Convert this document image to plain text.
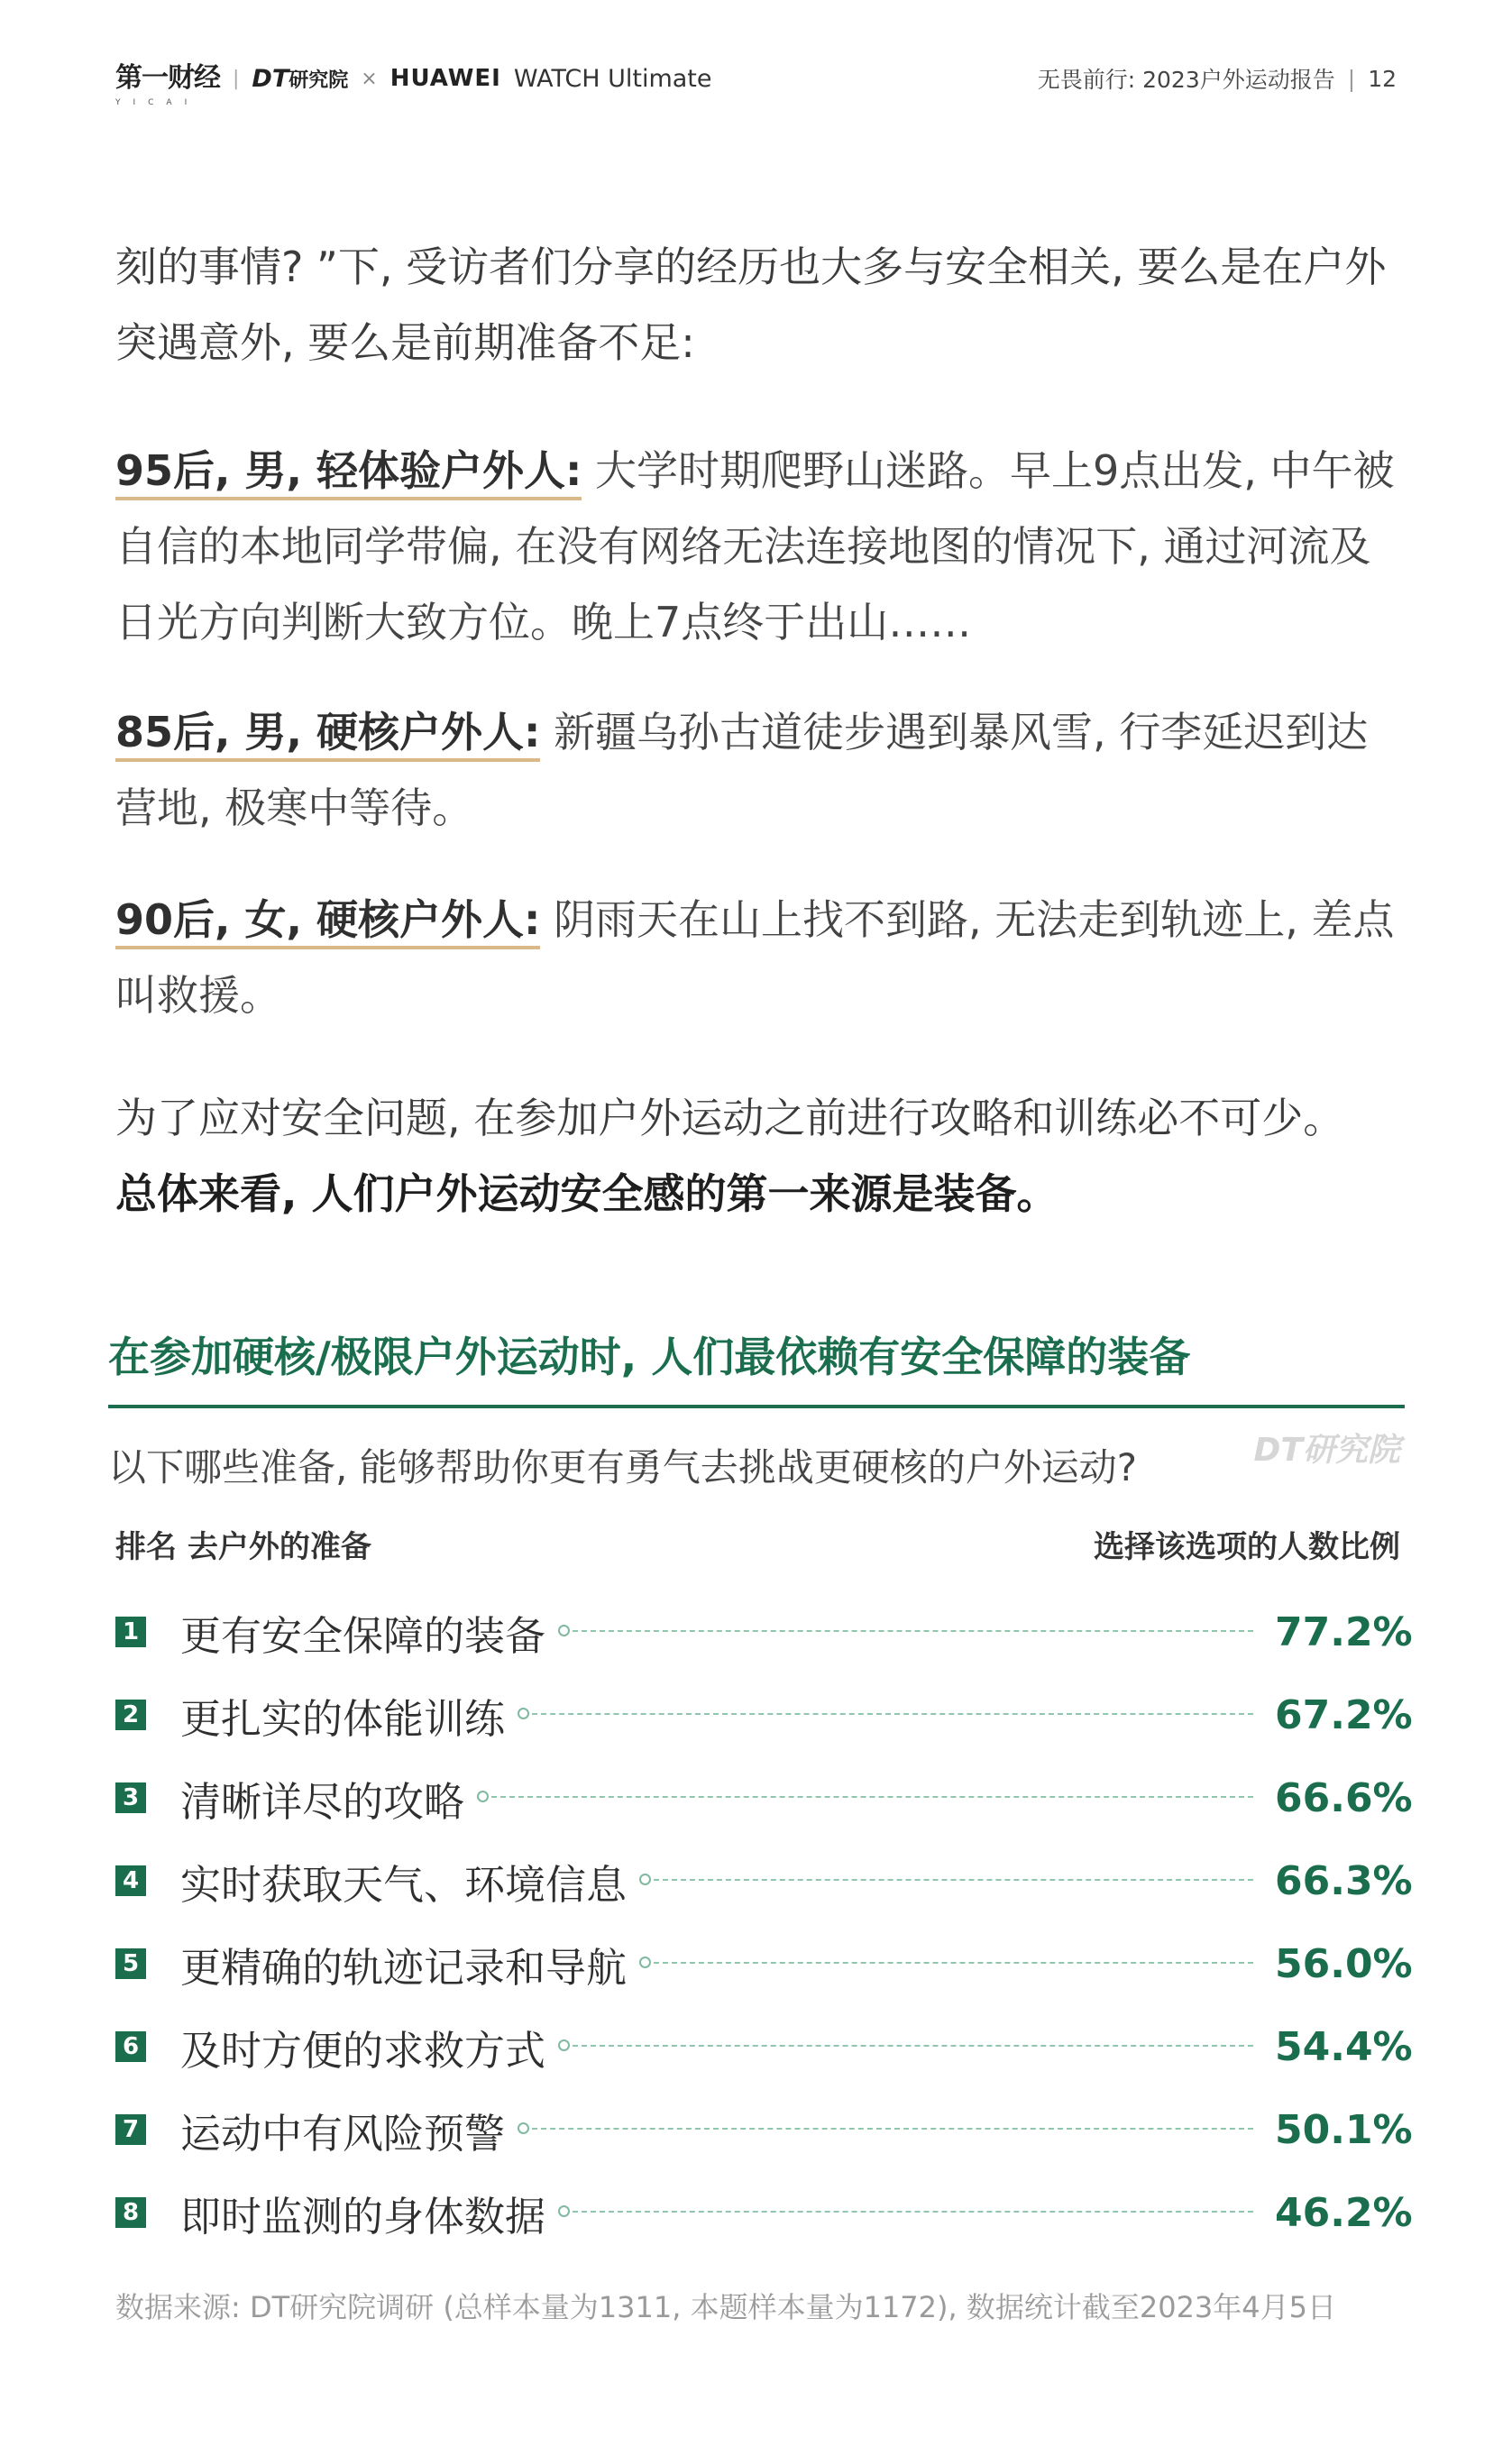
第一财经
YICAI
| DT研究院 × HUAWEI WATCH Ultimate	无畏前行: 2023户外运动报告 | 12
刻的事情? ”下, 受访者们分享的经历也大多与安全相关, 要么是在户外突遇意外, 要么是前期准备不足:
95后, 男, 轻体验户外人: 大学时期爬野山迷路。早上9点出发, 中午被自信的本地同学带偏, 在没有网络无法连接地图的情况下, 通过河流及日光方向判断大致方位。晚上7点终于出山……
85后, 男, 硬核户外人: 新疆乌孙古道徒步遇到暴风雪, 行李延迟到达营地, 极寒中等待。
90后, 女, 硬核户外人: 阴雨天在山上找不到路, 无法走到轨迹上, 差点叫救援。
为了应对安全问题, 在参加户外运动之前进行攻略和训练必不可少。
总体来看, 人们户外运动安全感的第一来源是装备。
在参加硬核/极限户外运动时, 人们最依赖有安全保障的装备
以下哪些准备, 能够帮助你更有勇气去挑战更硬核的户外运动?	DT研究院
排名 去户外的准备	选择该选项的人数比例
1 更有安全保障的装备	77.2%
2 更扎实的体能训练	67.2%
3 清晰详尽的攻略	66.6%
4 实时获取天气、环境信息	66.3%
5 更精确的轨迹记录和导航	56.0%
6 及时方便的求救方式	54.4%
7 运动中有风险预警	50.1%
8 即时监测的身体数据	46.2%
数据来源: DT研究院调研 (总样本量为1311, 本题样本量为1172), 数据统计截至2023年4月5日
